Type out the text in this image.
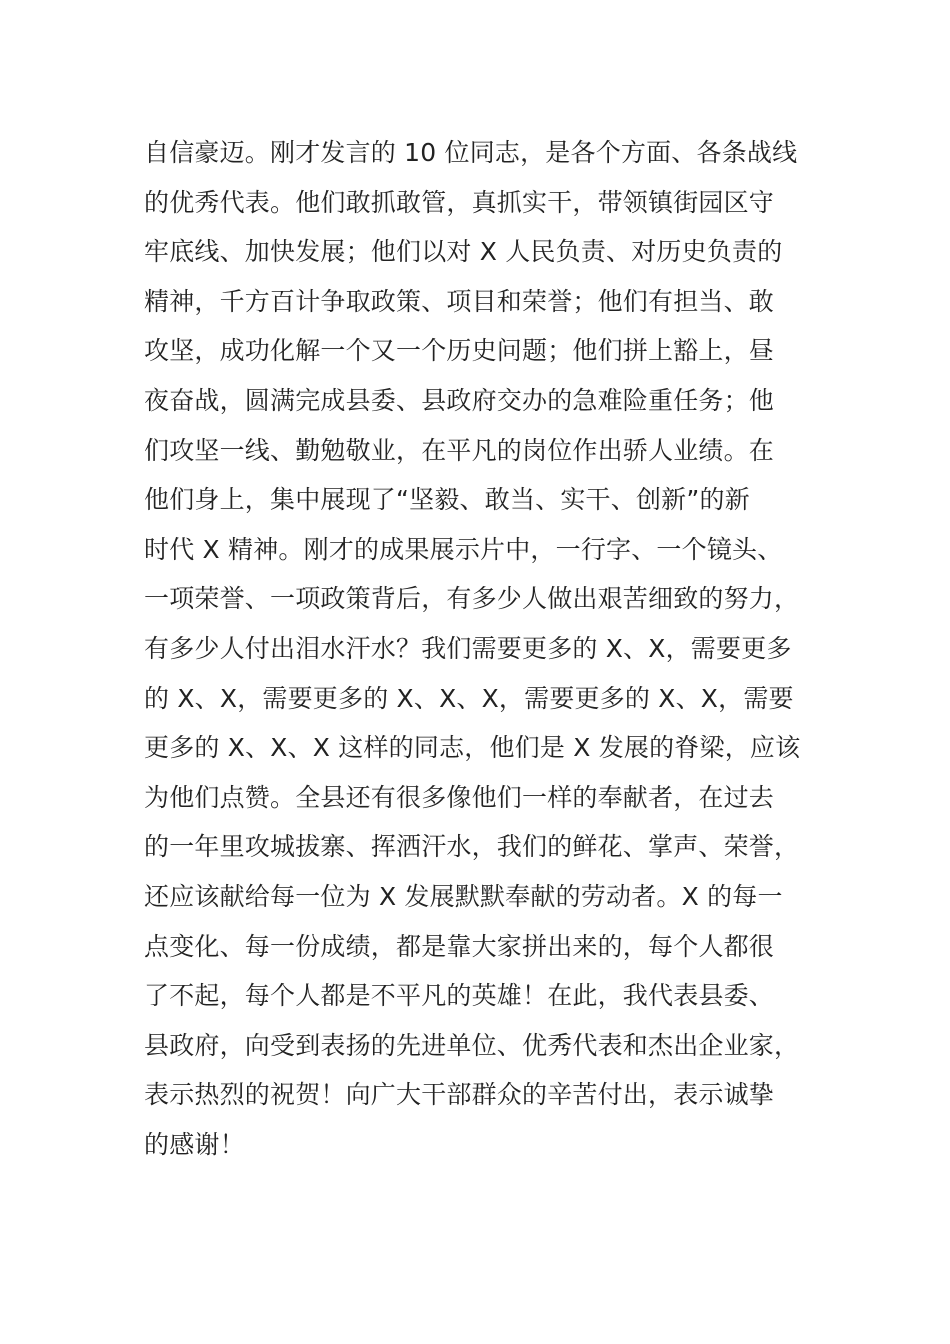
自信豪迈。刚才发言的 10 位同志，是各个方面、各条战线
的优秀代表。他们敢抓敢管，真抓实干，带领镇街园区守
牢底线、加快发展；他们以对 X 人民负责、对历史负责的
精神，千方百计争取政策、项目和荣誉；他们有担当、敢
攻坚，成功化解一个又一个历史问题；他们拼上豁上，昼
夜奋战，圆满完成县委、县政府交办的急难险重任务；他
们攻坚一线、勤勉敬业，在平凡的岗位作出骄人业绩。在
他们身上，集中展现了“坚毅、敢当、实干、创新”的新
时代 X 精神。刚才的成果展示片中，一行字、一个镜头、
一项荣誉、一项政策背后，有多少人做出艰苦细致的努力，
有多少人付出泪水汗水？我们需要更多的 X、X，需要更多
的 X、X，需要更多的 X、X、X，需要更多的 X、X，需要
更多的 X、X、X 这样的同志，他们是 X 发展的脊梁，应该
为他们点赞。全县还有很多像他们一样的奉献者，在过去
的一年里攻城拔寨、挥洒汗水，我们的鲜花、掌声、荣誉，
还应该献给每一位为 X 发展默默奉献的劳动者。X 的每一
点变化、每一份成绩，都是靠大家拼出来的，每个人都很
了不起，每个人都是不平凡的英雄！在此，我代表县委、
县政府，向受到表扬的先进单位、优秀代表和杰出企业家，
表示热烈的祝贺！向广大干部群众的辛苦付出，表示诚挚
的感谢！
